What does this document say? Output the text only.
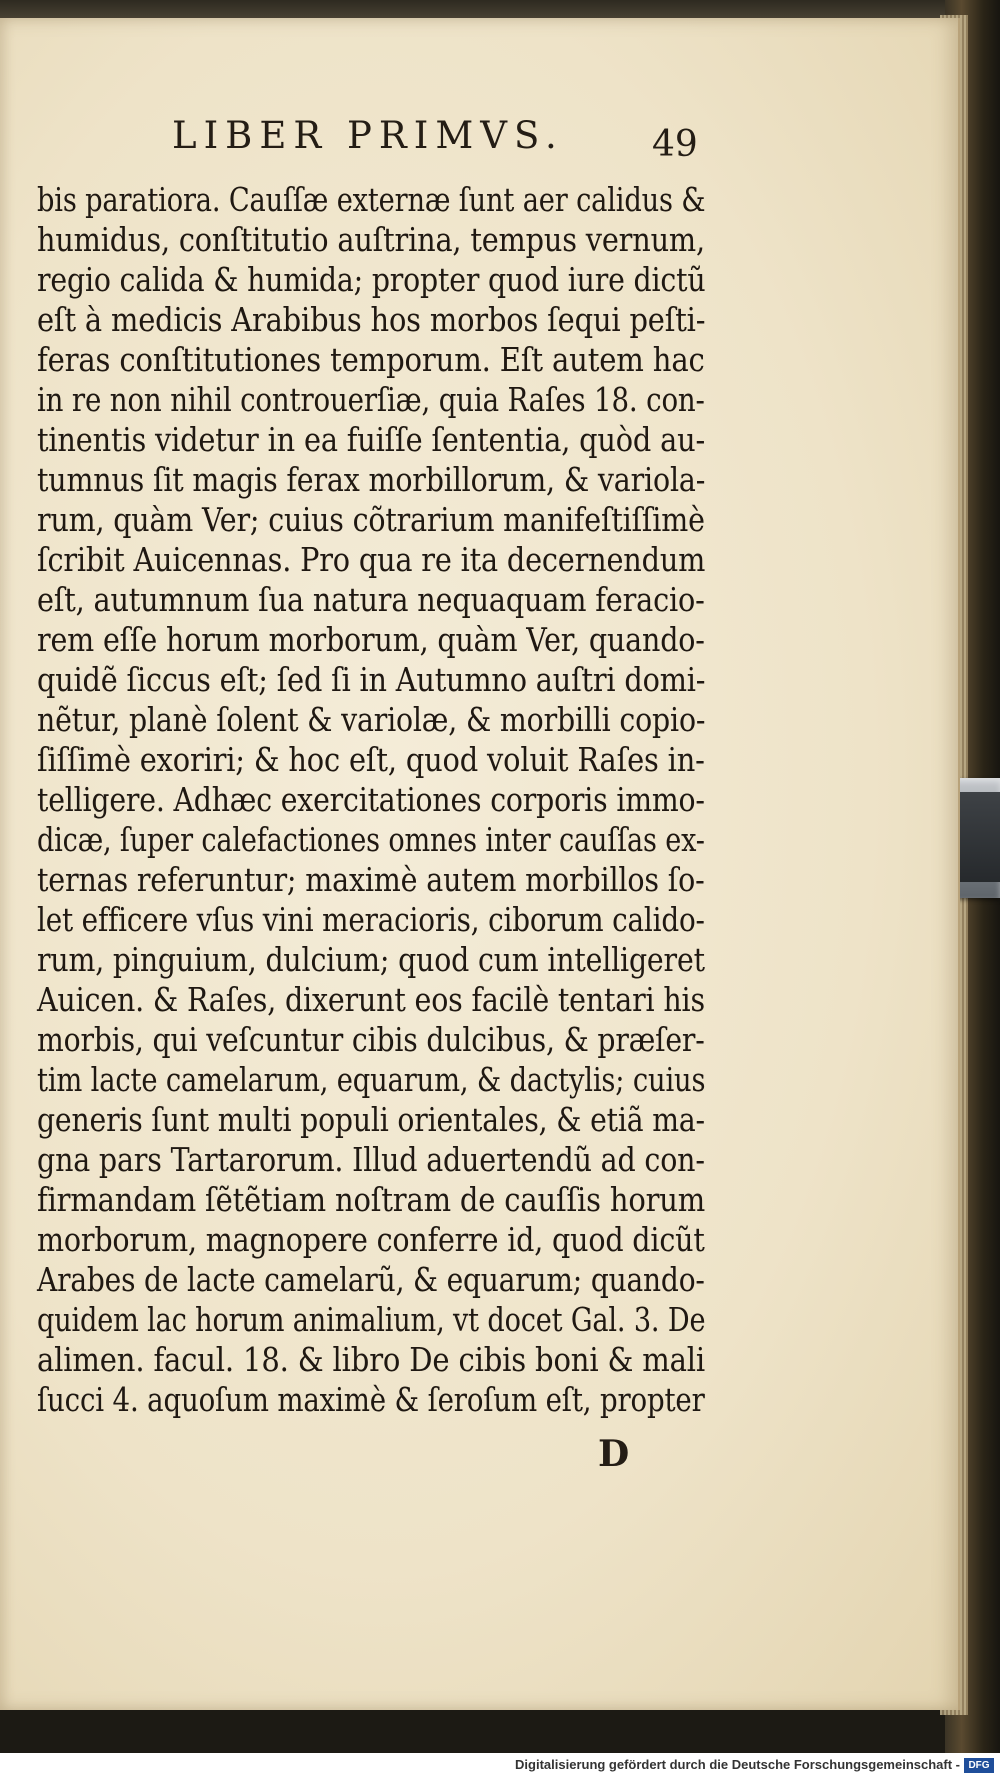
LIBER PRIMVS.	49
bis paratiora. Cauſſæ externæ ſunt aer calidus &
humidus, conſtitutio auſtrina, tempus vernum,
regio calida & humida; propter quod iure dictũ
eſt à medicis Arabibus hos morbos ſequi peſti-
feras conſtitutiones temporum. Eſt autem hac
in re non nihil controuerſiæ, quia Raſes 18. con-
tinentis videtur in ea fuiſſe ſententia, quòd au-
tumnus ſit magis ferax morbillorum, & variola-
rum, quàm Ver; cuius cõtrarium manifeſtiſſimè
ſcribit Auicennas. Pro qua re ita decernendum
eſt, autumnum ſua natura nequaquam feracio-
rem eſſe horum morborum, quàm Ver, quando-
quidẽ ſiccus eſt; ſed ſi in Autumno auſtri domi-
nẽtur, planè ſolent & variolæ, & morbilli copio-
ſiſſimè exoriri; & hoc eſt, quod voluit Raſes in-
telligere. Adhæc exercitationes corporis immo-
dicæ, ſuper calefactiones omnes inter cauſſas ex-
ternas referuntur; maximè autem morbillos ſo-
let efficere vſus vini meracioris, ciborum calido-
rum, pinguium, dulcium; quod cum intelligeret
Auicen. & Raſes, dixerunt eos facilè tentari his
morbis, qui veſcuntur cibis dulcibus, & præſer-
tim lacte camelarum, equarum, & dactylis; cuius
generis ſunt multi populi orientales, & etiã ma-
gna pars Tartarorum. Illud aduertendũ ad con-
firmandam ſẽtẽtiam noſtram de cauſſis horum
morborum, magnopere conferre id, quod dicũt
Arabes de lacte camelarũ, & equarum; quando-
quidem lac horum animalium, vt docet Gal. 3. De
alimen. facul. 18. & libro De cibis boni & mali
ſucci 4. aquoſum maximè & ſeroſum eſt, propter
D
Digitalisierung gefördert durch die Deutsche Forschungsgemeinschaft - DFG
